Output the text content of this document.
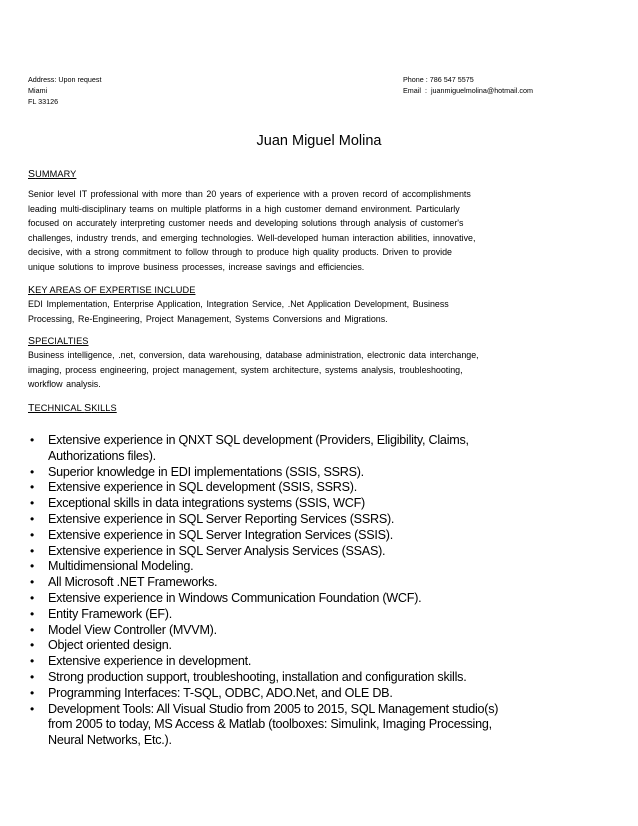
Address: Upon request
Miami
FL 33126
Phone : 786 547 5575
Email  :  juanmiguelmolina@hotmail.com
Juan Miguel Molina
SUMMARY
Senior level IT professional with more than 20 years of experience with a proven record of accomplishments
leading multi-disciplinary teams on multiple platforms in a high customer demand environment. Particularly
focused on accurately interpreting customer needs and developing solutions through analysis of customer's
challenges, industry trends, and emerging technologies. Well-developed human interaction abilities, innovative,
decisive, with a strong commitment to follow through to produce high quality products. Driven to provide
unique solutions to improve business processes, increase savings and efficiencies.
KEY AREAS OF EXPERTISE INCLUDE
EDI Implementation, Enterprise Application, Integration Service, .Net Application Development, Business
Processing, Re-Engineering, Project Management, Systems Conversions and Migrations.
SPECIALTIES
Business intelligence, .net, conversion, data warehousing, database administration, electronic data interchange,
imaging, process engineering, project management, system architecture, systems analysis, troubleshooting,
workflow analysis.
TECHNICAL SKILLS
• Extensive experience in QNXT SQL development (Providers, Eligibility, Claims,
Authorizations files).
• Superior knowledge in EDI implementations (SSIS, SSRS).
• Extensive experience in SQL development (SSIS, SSRS).
• Exceptional skills in data integrations systems (SSIS, WCF)
• Extensive experience in SQL Server Reporting Services (SSRS).
• Extensive experience in SQL Server Integration Services (SSIS).
• Extensive experience in SQL Server Analysis Services (SSAS).
• Multidimensional Modeling.
• All Microsoft .NET Frameworks.
• Extensive experience in Windows Communication Foundation (WCF).
• Entity Framework (EF).
• Model View Controller (MVVM).
• Object oriented design.
• Extensive experience in development.
• Strong production support, troubleshooting, installation and configuration skills.
• Programming Interfaces: T-SQL, ODBC, ADO.Net, and OLE DB.
• Development Tools: All Visual Studio from 2005 to 2015, SQL Management studio(s)
from 2005 to today, MS Access & Matlab (toolboxes: Simulink, Imaging Processing,
Neural Networks, Etc.).
